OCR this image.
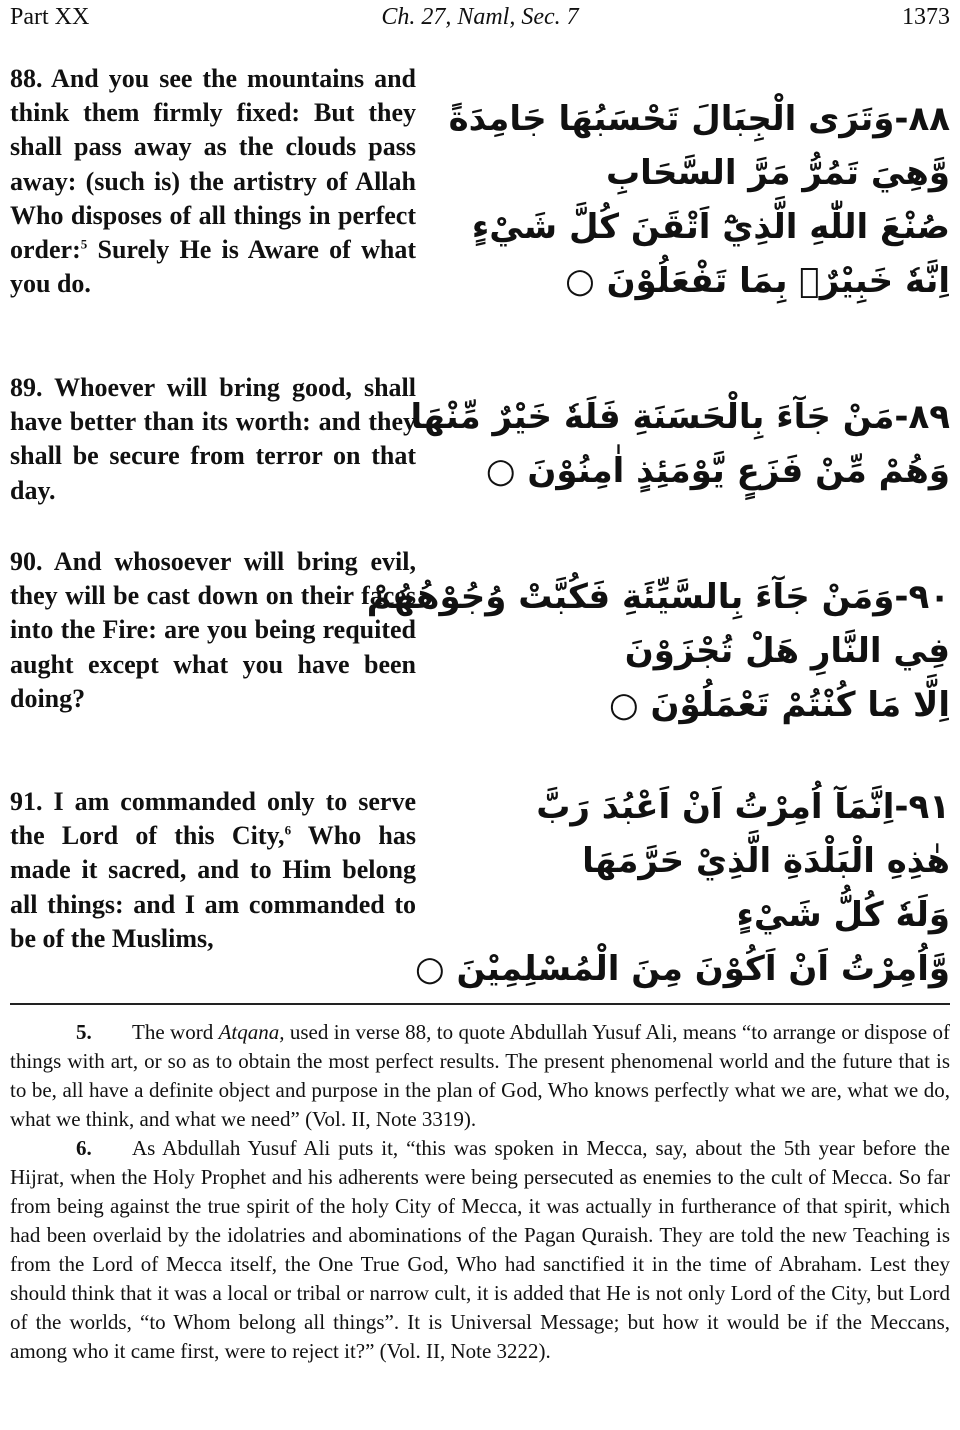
Part XX	Ch. 27, Naml, Sec. 7	1373
88. And you see the mountains and think them firmly fixed: But they shall pass away as the clouds pass away: (such is) the artistry of Allah Who disposes of all things in perfect order:$^5$ Surely He is Aware of what you do.
٨٨-وَتَرَى الْجِبَالَ تَحْسَبُهَا جَامِدَةً
وَّهِيَ تَمُرُّ مَرَّ السَّحَابِ
صُنْعَ اللّٰهِ الَّذِيْٓ اَتْقَنَ كُلَّ شَيْءٍ
اِنَّهٗ خَبِيْرٌۢ بِمَا تَفْعَلُوْنَ ○
89. Whoever will bring good, shall have better than its worth: and they shall be secure from terror on that day.
٨٩-مَنْ جَآءَ بِالْحَسَنَةِ فَلَهٗ خَيْرٌ مِّنْهَا
وَهُمْ مِّنْ فَزَعٍ يَّوْمَئِذٍ اٰمِنُوْنَ ○
90. And whosoever will bring evil, they will be cast down on their faces into the Fire: are you being requited aught except what you have been doing?
٩٠-وَمَنْ جَآءَ بِالسَّيِّئَةِ فَكُبَّتْ وُجُوْهُهُمْ
فِي النَّارِ هَلْ تُجْزَوْنَ
اِلَّا مَا كُنْتُمْ تَعْمَلُوْنَ ○
91. I am commanded only to serve the Lord of this City,$^6$ Who has made it sacred, and to Him belong all things: and I am commanded to be of the Muslims,
٩١-اِنَّمَآ اُمِرْتُ اَنْ اَعْبُدَ رَبَّ
هٰذِهِ الْبَلْدَةِ الَّذِيْ حَرَّمَهَا
وَلَهٗ كُلُّ شَيْءٍ
وَّاُمِرْتُ اَنْ اَكُوْنَ مِنَ الْمُسْلِمِيْنَ ○

5. The word Atqana, used in verse 88, to quote Abdullah Yusuf Ali, means “to arrange or dispose of things with art, or so as to obtain the most perfect results. The present phenomenal world and the future that is to be, all have a definite object and purpose in the plan of God, Who knows perfectly what we are, what we do, what we think, and what we need” (Vol. II, Note 3319).

6. As Abdullah Yusuf Ali puts it, “this was spoken in Mecca, say, about the 5th year before the Hijrat, when the Holy Prophet and his adherents were being persecuted as enemies to the cult of Mecca. So far from being against the true spirit of the holy City of Mecca, it was actually in furtherance of that spirit, which had been overlaid by the idolatries and abominations of the Pagan Quraish. They are told the new Teaching is from the Lord of Mecca itself, the One True God, Who had sanctified it in the time of Abraham. Lest they should think that it was a local or tribal or narrow cult, it is added that He is not only Lord of the City, but Lord of the worlds, “to Whom belong all things”. It is Universal Message; but how it would be if the Meccans, among who it came first, were to reject it?” (Vol. II, Note 3222).
